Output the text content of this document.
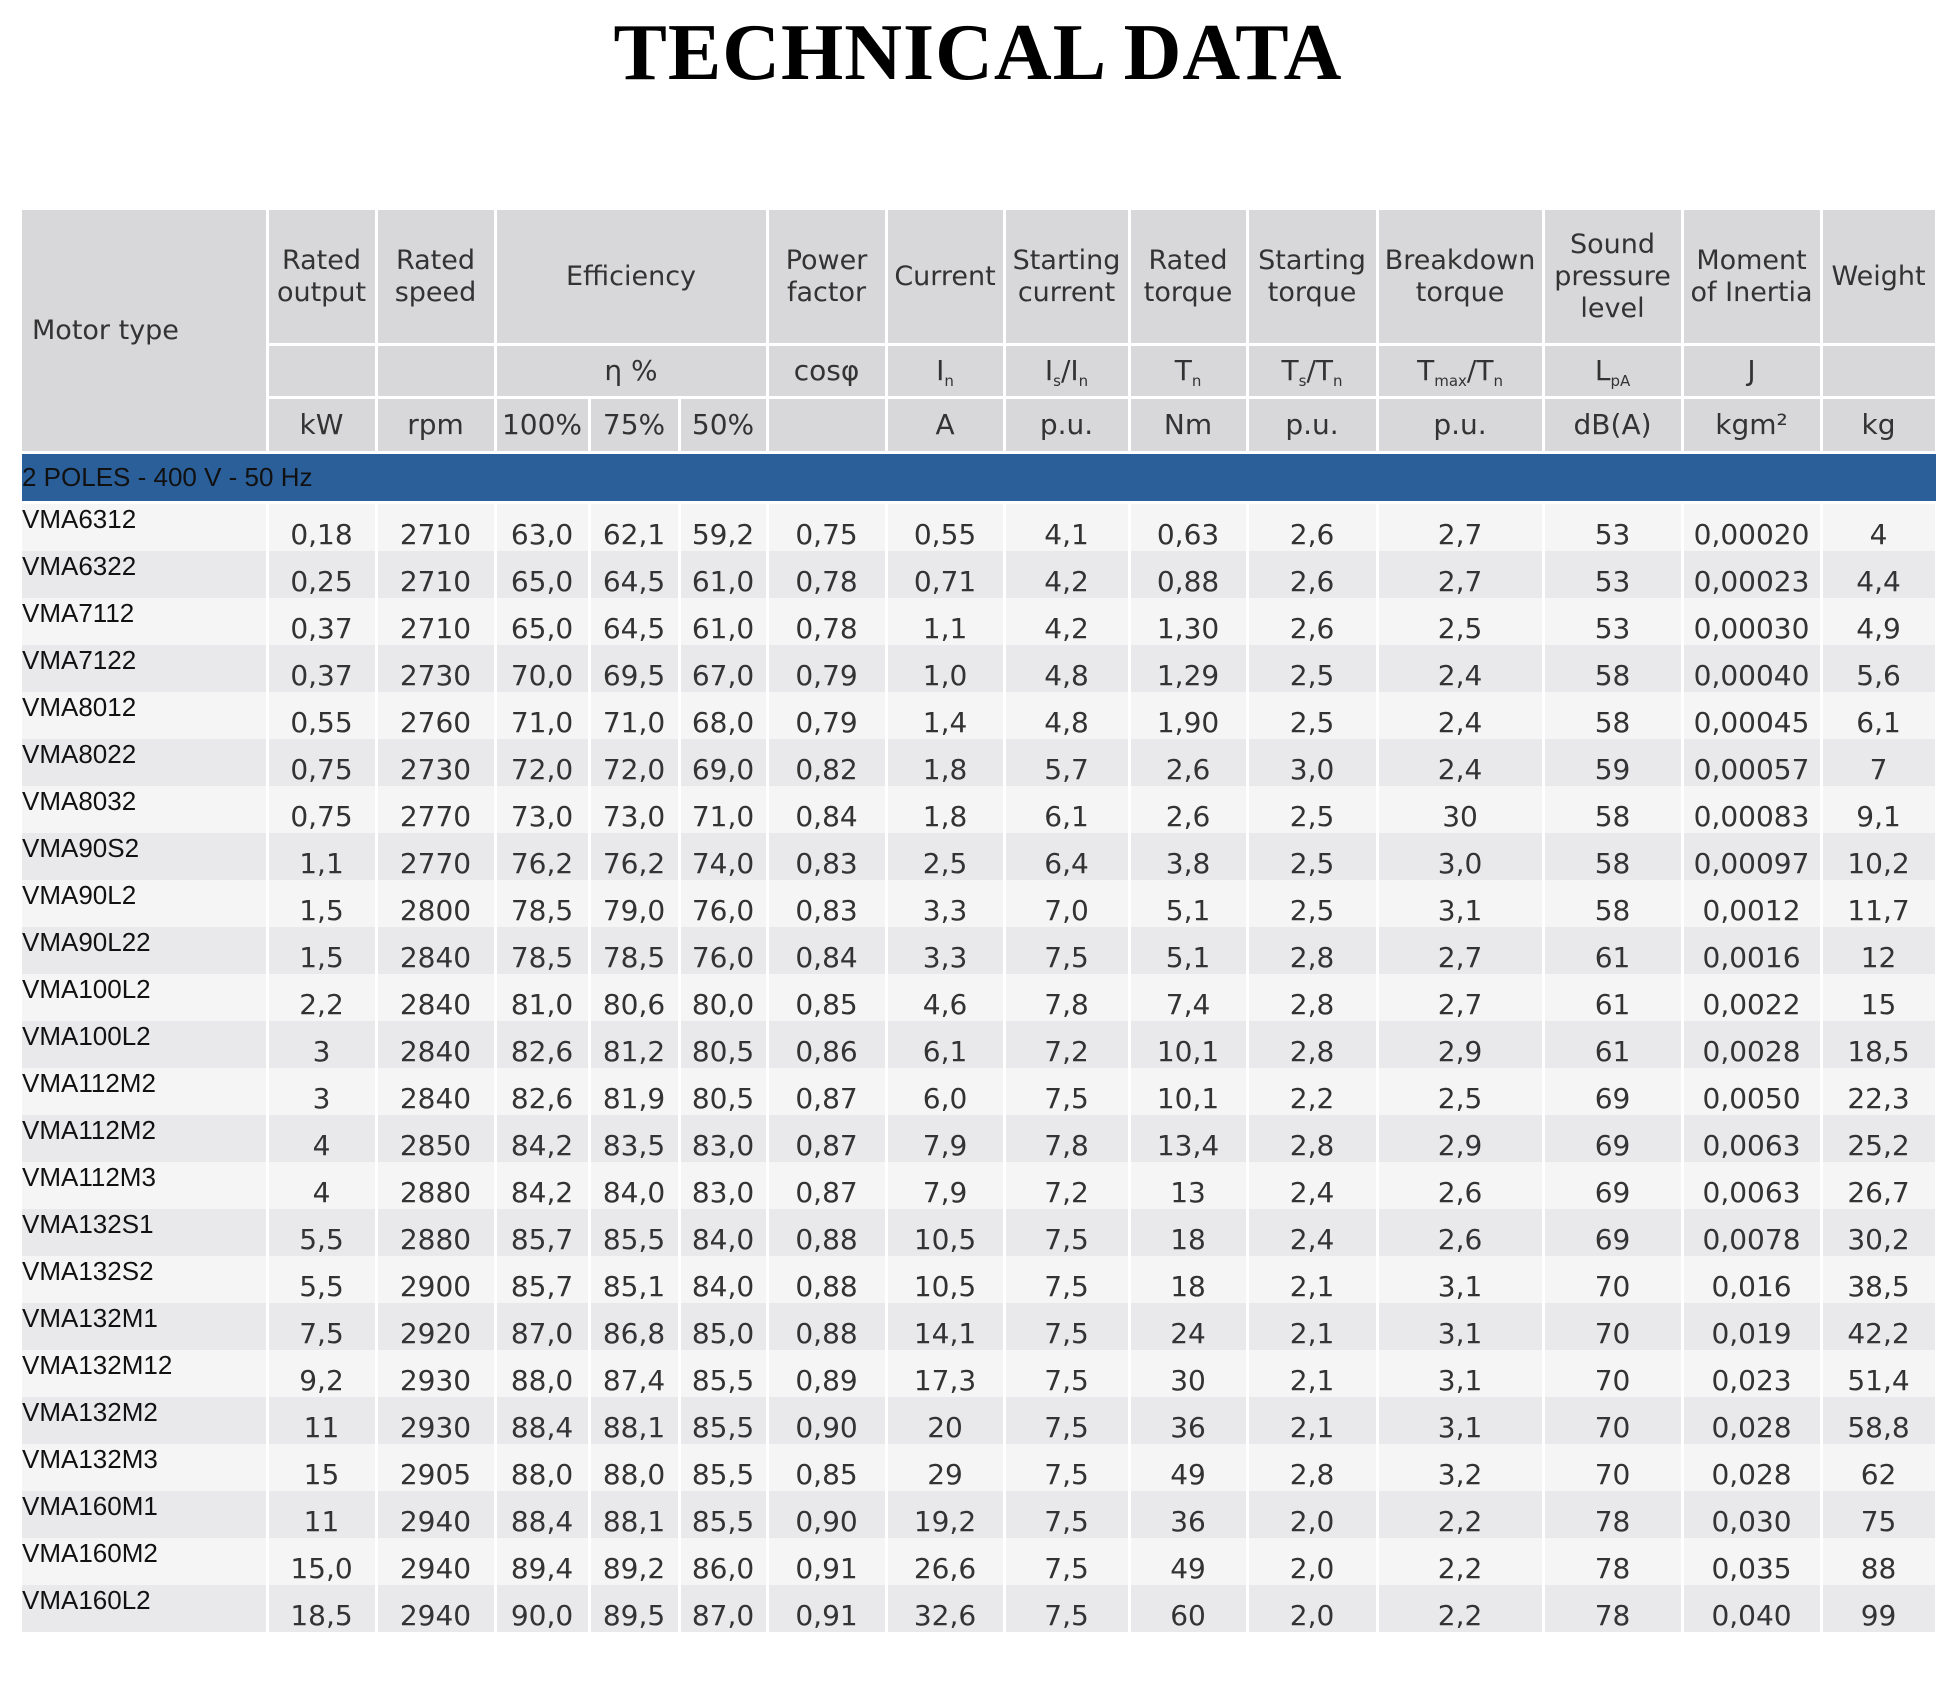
TECHNICAL DATA
Motor type	Rated output	Rated speed	Efficiency			Power factor	Current	Starting current	Rated torque	Starting torque	Breakdown torque	Sound pressure level	Moment of Inertia	Weight
			η %			cosφ	$I_n$	$I_s/I_n$	$T_n$	$T_s/T_n$	$T_{max}/T_n$	$L_{pA}$	J	
	kW	rpm	100%	75%	50%		A	p.u.	Nm	p.u.	p.u.	dB(A)	kgm²	kg
2 POLES - 400 V - 50 Hz														
VMA6312	0,18	2710	63,0	62,1	59,2	0,75	0,55	4,1	0,63	2,6	2,7	53	0,00020	4
VMA6322	0,25	2710	65,0	64,5	61,0	0,78	0,71	4,2	0,88	2,6	2,7	53	0,00023	4,4
VMA7112	0,37	2710	65,0	64,5	61,0	0,78	1,1	4,2	1,30	2,6	2,5	53	0,00030	4,9
VMA7122	0,37	2730	70,0	69,5	67,0	0,79	1,0	4,8	1,29	2,5	2,4	58	0,00040	5,6
VMA8012	0,55	2760	71,0	71,0	68,0	0,79	1,4	4,8	1,90	2,5	2,4	58	0,00045	6,1
VMA8022	0,75	2730	72,0	72,0	69,0	0,82	1,8	5,7	2,6	3,0	2,4	59	0,00057	7
VMA8032	0,75	2770	73,0	73,0	71,0	0,84	1,8	6,1	2,6	2,5	30	58	0,00083	9,1
VMA90S2	1,1	2770	76,2	76,2	74,0	0,83	2,5	6,4	3,8	2,5	3,0	58	0,00097	10,2
VMA90L2	1,5	2800	78,5	79,0	76,0	0,83	3,3	7,0	5,1	2,5	3,1	58	0,0012	11,7
VMA90L22	1,5	2840	78,5	78,5	76,0	0,84	3,3	7,5	5,1	2,8	2,7	61	0,0016	12
VMA100L2	2,2	2840	81,0	80,6	80,0	0,85	4,6	7,8	7,4	2,8	2,7	61	0,0022	15
VMA100L2	3	2840	82,6	81,2	80,5	0,86	6,1	7,2	10,1	2,8	2,9	61	0,0028	18,5
VMA112M2	3	2840	82,6	81,9	80,5	0,87	6,0	7,5	10,1	2,2	2,5	69	0,0050	22,3
VMA112M2	4	2850	84,2	83,5	83,0	0,87	7,9	7,8	13,4	2,8	2,9	69	0,0063	25,2
VMA112M3	4	2880	84,2	84,0	83,0	0,87	7,9	7,2	13	2,4	2,6	69	0,0063	26,7
VMA132S1	5,5	2880	85,7	85,5	84,0	0,88	10,5	7,5	18	2,4	2,6	69	0,0078	30,2
VMA132S2	5,5	2900	85,7	85,1	84,0	0,88	10,5	7,5	18	2,1	3,1	70	0,016	38,5
VMA132M1	7,5	2920	87,0	86,8	85,0	0,88	14,1	7,5	24	2,1	3,1	70	0,019	42,2
VMA132M12	9,2	2930	88,0	87,4	85,5	0,89	17,3	7,5	30	2,1	3,1	70	0,023	51,4
VMA132M2	11	2930	88,4	88,1	85,5	0,90	20	7,5	36	2,1	3,1	70	0,028	58,8
VMA132M3	15	2905	88,0	88,0	85,5	0,85	29	7,5	49	2,8	3,2	70	0,028	62
VMA160M1	11	2940	88,4	88,1	85,5	0,90	19,2	7,5	36	2,0	2,2	78	0,030	75
VMA160M2	15,0	2940	89,4	89,2	86,0	0,91	26,6	7,5	49	2,0	2,2	78	0,035	88
VMA160L2	18,5	2940	90,0	89,5	87,0	0,91	32,6	7,5	60	2,0	2,2	78	0,040	99
